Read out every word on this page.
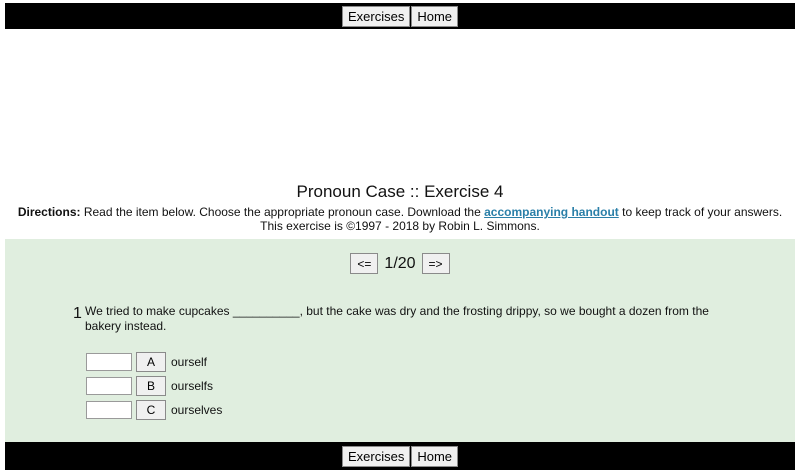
Exercises	Home
Pronoun Case :: Exercise 4
Directions: Read the item below. Choose the appropriate pronoun case. Download the accompanying handout to keep track of your answers.
This exercise is ©1997 - 2018 by Robin L. Simmons.
<= 1/20	=>
1 We tried to make cupcakes __________, but the cake was dry and the frosting drippy, so we bought a dozen from the bakery instead.
A	ourself
B	ourselfs
C	ourselves
Exercises	Home
